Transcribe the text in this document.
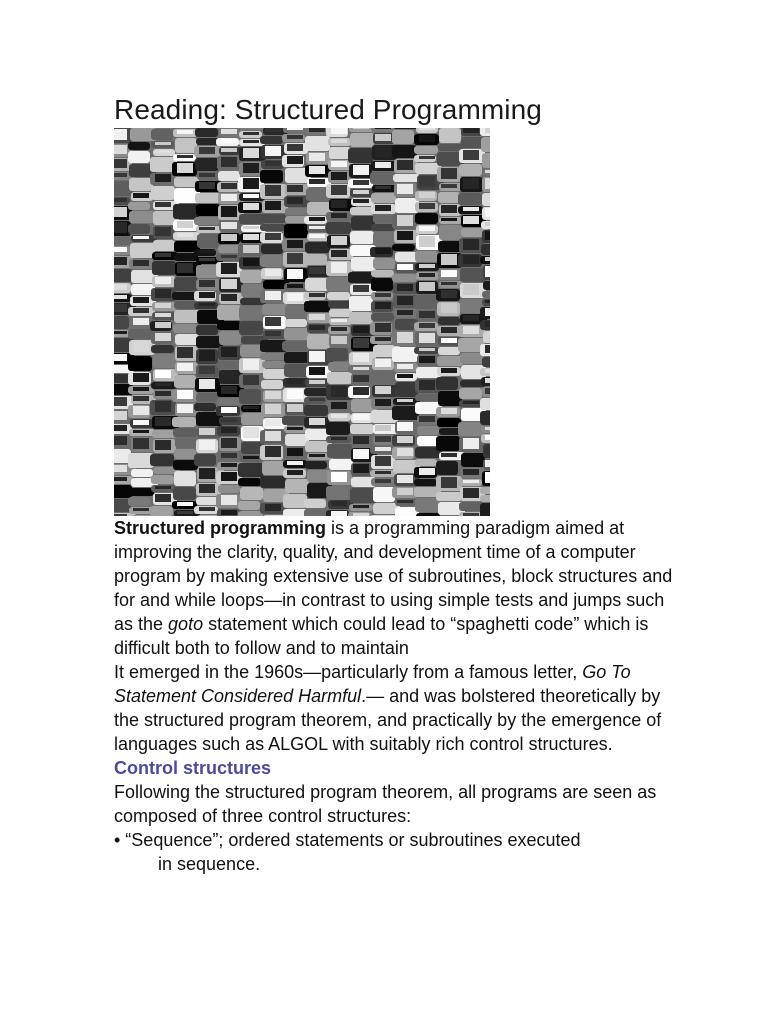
Reading: Structured Programming

Structured programming is a programming paradigm aimed at improving the clarity, quality, and development time of a computer program by making extensive use of subroutines, block structures and for and while loops—in contrast to using simple tests and jumps such as the goto statement which could lead to “spaghetti code” which is difficult both to follow and to maintain

It emerged in the 1960s—particularly from a famous letter, Go To Statement Considered Harmful.— and was bolstered theoretically by the structured program theorem, and practically by the emergence of languages such as ALGOL with suitably rich control structures.

Control structures

Following the structured program theorem, all programs are seen as composed of three control structures:

• “Sequence”; ordered statements or subroutines executed
in sequence.
